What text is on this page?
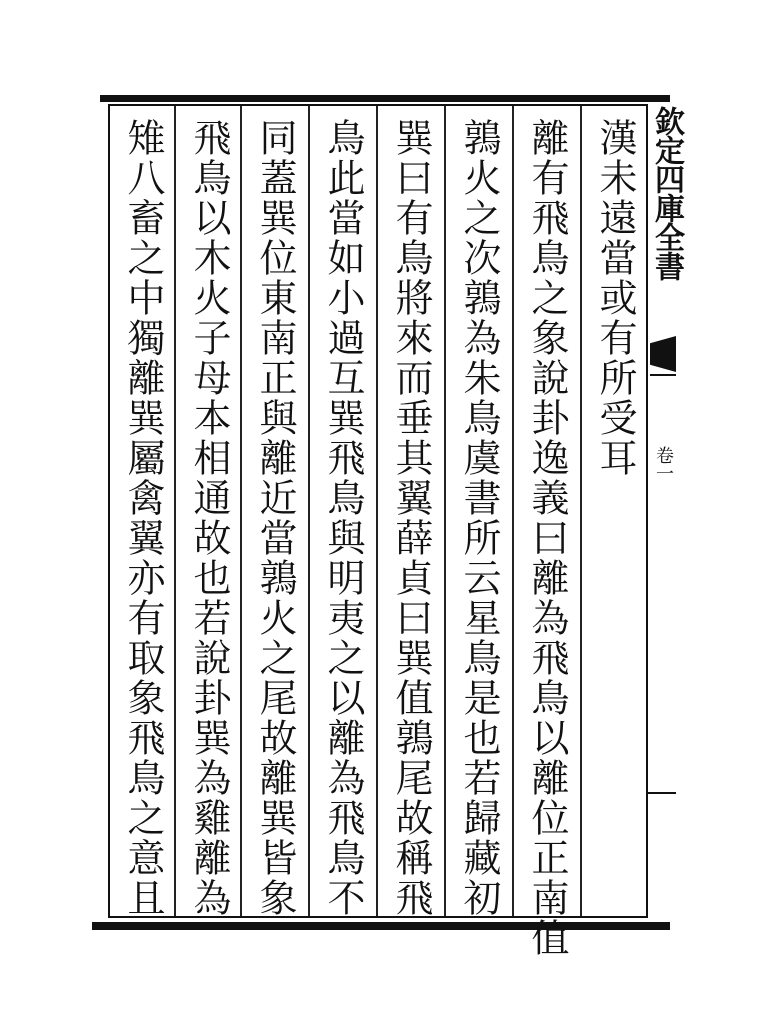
漢未遠當或有所受耳
離有飛鳥之象說卦逸義曰離為飛鳥以離位正南值
鶉火之次鶉為朱鳥虞書所云星鳥是也若歸藏初
巽曰有鳥將來而垂其翼薛貞曰巽值鶉尾故稱飛
鳥此當如小過互巽飛鳥與明夷之以離為飛鳥不
同蓋巽位東南正與離近當鶉火之尾故離巽皆象
飛鳥以木火子母本相通故也若說卦巽為雞離為
雉八畜之中獨離巽屬禽翼亦有取象飛鳥之意且	欽定四庫全書
卷一
